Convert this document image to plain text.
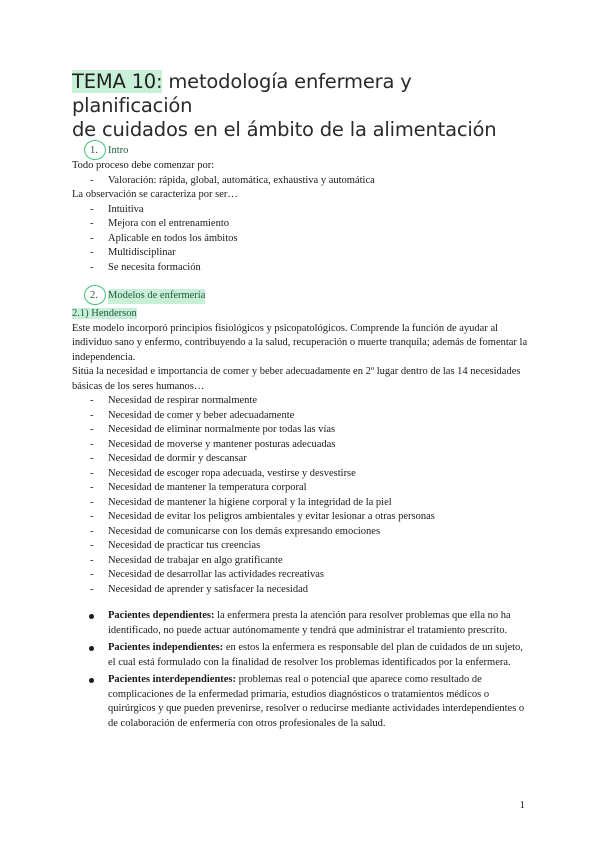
TEMA 10: metodología enfermera y planificación
de cuidados en el ámbito de la alimentación
1. Intro

Todo proceso debe comenzar por:

- Valoración: rápida, global, automática, exhaustiva y automática

La observación se caracteriza por ser…

- Intuitiva
- Mejora con el entrenamiento
- Aplicable en todos los ámbitos
- Multidisciplinar
- Se necesita formación
2. Modelos de enfermería
2.1) Henderson

Este modelo incorporó principios fisiológicos y psicopatológicos. Comprende la función de ayudar al individuo sano y enfermo, contribuyendo a la salud, recuperación o muerte tranquila; además de fomentar la independencia.

Sitúa la necesidad e importancia de comer y beber adecuadamente en 2º lugar dentro de las 14 necesidades básicas de los seres humanos…

- Necesidad de respirar normalmente
- Necesidad de comer y beber adecuadamente
- Necesidad de eliminar normalmente por todas las vías
- Necesidad de moverse y mantener posturas adecuadas
- Necesidad de dormir y descansar
- Necesidad de escoger ropa adecuada, vestirse y desvestirse
- Necesidad de mantener la temperatura corporal
- Necesidad de mantener la higiene corporal y la integridad de la piel
- Necesidad de evitar los peligros ambientales y evitar lesionar a otras personas
- Necesidad de comunicarse con los demás expresando emociones
- Necesidad de practicar tus creencias
- Necesidad de trabajar en algo gratificante
- Necesidad de desarrollar las actividades recreativas
- Necesidad de aprender y satisfacer la necesidad
Pacientes dependientes: la enfermera presta la atención para resolver problemas que ella no ha identificado, no puede actuar autónomamente y tendrá que administrar el tratamiento prescrito.
Pacientes independientes: en estos la enfermera es responsable del plan de cuidados de un sujeto, el cual está formulado con la finalidad de resolver los problemas identificados por la enfermera.
Pacientes interdependientes: problemas real o potencial que aparece como resultado de complicaciones de la enfermedad primaria, estudios diagnósticos o tratamientos médicos o quirúrgicos y que pueden prevenirse, resolver o reducirse mediante actividades interdependientes o de colaboración de enfermería con otros profesionales de la salud.
1
